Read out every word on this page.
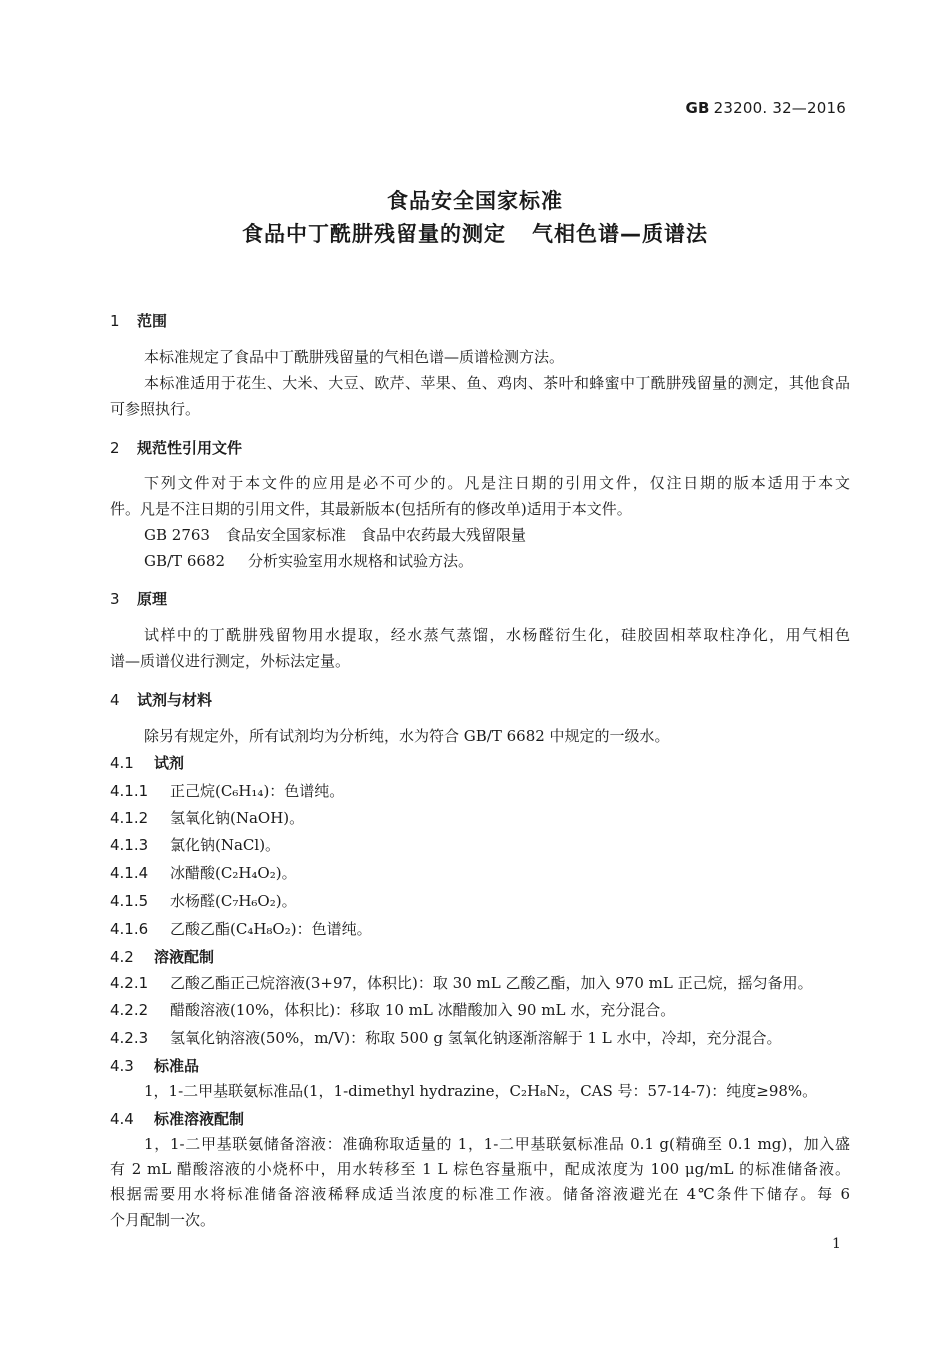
GB 23200. 32—2016
食品安全国家标准
食品中丁酰肼残留量的测定 气相色谱—质谱法
1 范围
本标准规定了食品中丁酰肼残留量的气相色谱—质谱检测方法。
本标准适用于花生、大米、大豆、欧芹、苹果、鱼、鸡肉、茶叶和蜂蜜中丁酰肼残留量的测定，其他食品
可参照执行。
2 规范性引用文件
下列文件对于本文件的应用是必不可少的。凡是注日期的引用文件，仅注日期的版本适用于本文
件。凡是不注日期的引用文件，其最新版本(包括所有的修改单)适用于本文件。
GB 2763 食品安全国家标准　食品中农药最大残留限量
GB/T 6682 分析实验室用水规格和试验方法。
3 原理
试样中的丁酰肼残留物用水提取，经水蒸气蒸馏，水杨醛衍生化，硅胶固相萃取柱净化，用气相色
谱—质谱仪进行测定，外标法定量。
4 试剂与材料
除另有规定外，所有试剂均为分析纯，水为符合 GB/T 6682 中规定的一级水。
4.1 试剂
4.1.1 正己烷(C₆H₁₄)：色谱纯。
4.1.2 氢氧化钠(NaOH)。
4.1.3 氯化钠(NaCl)。
4.1.4 冰醋酸(C₂H₄O₂)。
4.1.5 水杨醛(C₇H₆O₂)。
4.1.6 乙酸乙酯(C₄H₈O₂)：色谱纯。
4.2 溶液配制
4.2.1 乙酸乙酯正己烷溶液(3+97，体积比)：取 30 mL 乙酸乙酯，加入 970 mL 正己烷，摇匀备用。
4.2.2 醋酸溶液(10%，体积比)：移取 10 mL 冰醋酸加入 90 mL 水，充分混合。
4.2.3 氢氧化钠溶液(50%，m/V)：称取 500 g 氢氧化钠逐渐溶解于 1 L 水中，冷却，充分混合。
4.3 标准品
1，1-二甲基联氨标准品(1，1-dimethyl hydrazine，C₂H₈N₂，CAS 号：57-14-7)：纯度≥98%。
4.4 标准溶液配制
1，1-二甲基联氨储备溶液：准确称取适量的 1，1-二甲基联氨标准品 0.1 g(精确至 0.1 mg)，加入盛
有 2 mL 醋酸溶液的小烧杯中，用水转移至 1 L 棕色容量瓶中，配成浓度为 100 μg/mL 的标准储备液。
根据需要用水将标准储备溶液稀释成适当浓度的标准工作液。储备溶液避光在 4℃条件下储存。每 6
个月配制一次。
1
